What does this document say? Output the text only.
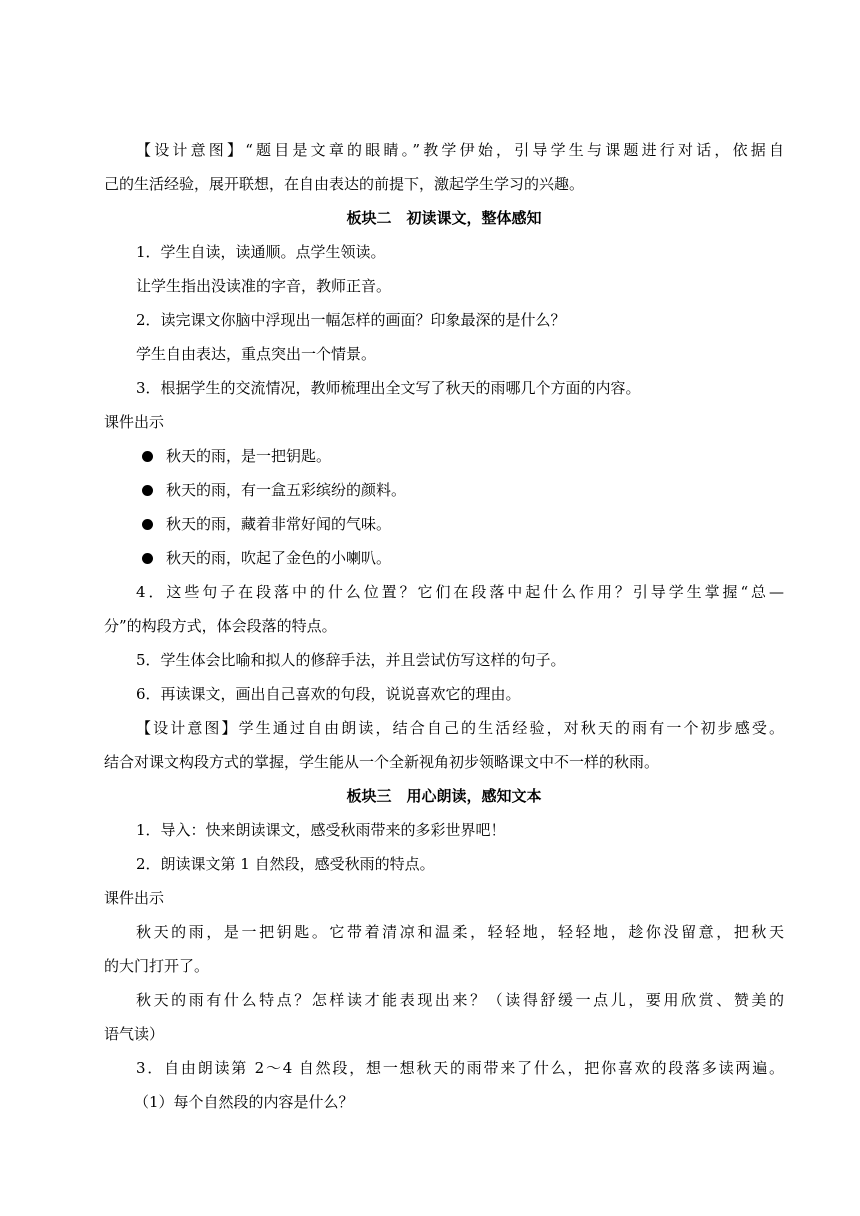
【设计意图】“题目是文章的眼睛。”教学伊始，引导学生与课题进行对话，依据自
己的生活经验，展开联想，在自由表达的前提下，激起学生学习的兴趣。
板块二　初读课文，整体感知
1．学生自读，读通顺。点学生领读。
让学生指出没读准的字音，教师正音。
2．读完课文你脑中浮现出一幅怎样的画面？印象最深的是什么？
学生自由表达，重点突出一个情景。
3．根据学生的交流情况，教师梳理出全文写了秋天的雨哪几个方面的内容。
课件出示
秋天的雨，是一把钥匙。
秋天的雨，有一盒五彩缤纷的颜料。
秋天的雨，藏着非常好闻的气味。
秋天的雨，吹起了金色的小喇叭。
4．这些句子在段落中的什么位置？它们在段落中起什么作用？引导学生掌握“总—
分”的构段方式，体会段落的特点。
5．学生体会比喻和拟人的修辞手法，并且尝试仿写这样的句子。
6．再读课文，画出自己喜欢的句段，说说喜欢它的理由。
【设计意图】学生通过自由朗读，结合自己的生活经验，对秋天的雨有一个初步感受。
结合对课文构段方式的掌握，学生能从一个全新视角初步领略课文中不一样的秋雨。
板块三　用心朗读，感知文本
1．导入：快来朗读课文，感受秋雨带来的多彩世界吧！
2．朗读课文第 1 自然段，感受秋雨的特点。
课件出示
秋天的雨，是一把钥匙。它带着清凉和温柔，轻轻地，轻轻地，趁你没留意，把秋天
的大门打开了。
秋天的雨有什么特点？怎样读才能表现出来？（读得舒缓一点儿，要用欣赏、赞美的
语气读）
3．自由朗读第 2～4 自然段，想一想秋天的雨带来了什么，把你喜欢的段落多读两遍。
（1）每个自然段的内容是什么？
